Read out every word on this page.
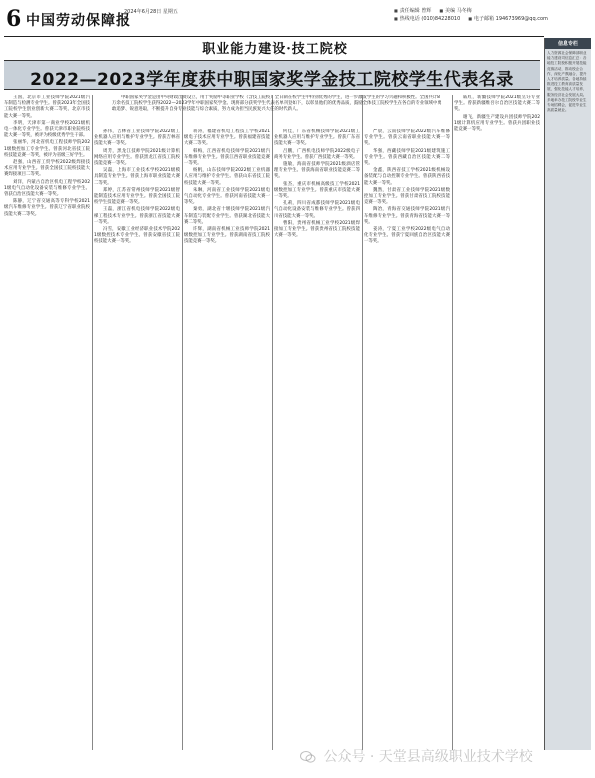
6 中国劳动保障报
2024年6月28日 星期五	■ 责任编辑 曾辉	■ 美编 马冬梅
■ 热线电话 (010)84228010	■ 电子邮箱 194673969@qq.com
职业能力建设·技工院校
2022—2023学年度获中职国家奖学金技工院校学生代表名录

王国，北京市工业技师学院2021级汽车制造与检测专业学生。曾获2023年全国技工院校学生创业创新大赛二等奖、北京市技能大赛一等奖。

李明，天津市第一商业学校2021级机电一体化专业学生。曾获天津市职业院校技能大赛一等奖，被评为校级优秀学生干部。

张丽华，河北省机电工程技师学院2021级数控加工专业学生。曾获河北省技工院校技能竞赛一等奖，被评为省级三好学生。

赵强，山西省工贸学校2022级焊接技术应用专业学生。曾获全国技工院校技能大赛焊接项目二等奖。

刘洋，内蒙古自治区机电工程学校2021级电气自动化设备安装与维修专业学生。曾获自治区技能大赛一等奖。

陈静，辽宁省交通高等专科学校2021级汽车维修专业学生。曾获辽宁省职业院校技能大赛二等奖。

孙伟，吉林省工业技师学院2022级工业机器人应用与维护专业学生。曾获吉林省技能大赛一等奖。

周芳，黑龙江技师学院2021级计算机网络应用专业学生。曾获黑龙江省技工院校技能竞赛一等奖。

吴磊，上海市工业技术学校2021级模具制造专业学生。曾获上海市职业技能大赛二等奖。

郑婷，江苏省常州技师学院2021级智能制造技术应用专业学生。曾获全国技工院校学生技能竞赛一等奖。

王磊，浙江省机电技师学院2022级电梯工程技术专业学生。曾获浙江省技能大赛一等奖。

冯雪，安徽工业经济职业技术学院2021级数控技术专业学生。曾获安徽省技工院校技能大赛一等奖。

蒋涛，福建省机电工程技工学校2021级电子技术应用专业学生。曾获福建省技能大赛二等奖。

韩梅，江西省机电技师学院2021级汽车维修专业学生。曾获江西省职业技能竞赛一等奖。

杨帆，山东技师学院2022级工业机器人应用与维护专业学生。曾获山东省技工院校技能大赛一等奖。

朱琳，河南省工业技师学院2021级电气自动化专业学生。曾获河南省技能大赛一等奖。

秦勇，湖北省十堰技师学院2021级汽车制造与装配专业学生。曾获湖北省技能大赛二等奖。

许辉，湖南省机械工业技师学院2021级数控加工专业学生。曾获湖南省技工院校技能竞赛一等奖。

何佳，广东省机械技师学院2021级工业机器人应用与维护专业学生。曾获广东省技能大赛一等奖。

吕鹏，广西机电技师学院2022级电子商务专业学生。曾获广西技能大赛一等奖。

施敏，海南省技师学院2021级酒店管理专业学生。曾获海南省职业技能竞赛二等奖。

张杰，重庆市机械高级技工学校2021级数控加工专业学生。曾获重庆市技能大赛一等奖。

孔莉，四川省成都技师学院2021级电气自动化设备安装与维修专业学生。曾获四川省技能大赛一等奖。

曹阳，贵州省机械工业学校2021级焊接加工专业学生。曾获贵州省技工院校技能大赛一等奖。

严晨，云南技师学院2022级汽车维修专业学生。曾获云南省职业技能大赛一等奖。

华强，西藏技师学院2021级建筑施工专业学生。曾获西藏自治区技能大赛二等奖。

金鑫，陕西省技工学校2021级机械设备装配与自动控制专业学生。曾获陕西省技能大赛一等奖。

魏然，甘肃省工业技师学院2021级数控加工专业学生。曾获甘肃省技工院校技能竞赛一等奖。

陶冶，青海省交通技师学院2021级汽车维修专业学生。曾获青海省技能大赛一等奖。

姜涛，宁夏工业学校2022级电气自动化专业学生。曾获宁夏回族自治区技能大赛一等奖。

戚红，新疆技师学院2021级烹饪专业学生。曾获新疆维吾尔自治区技能大赛二等奖。

谢飞，新疆生产建设兵团技师学院2021级计算机应用专业学生。曾获兵团职业技能竞赛一等奖。

中职国家奖学金是由中央财政出资设立，用于奖励中等职业学校（含技工院校）全日制在校学生中特别优秀的学生，进一步激发学生的学习兴趣和积极性。全国共计8万余名技工院校学生获得2022—2023学年中职国家奖学金。现将部分获奖学生代表名单刊登如下，以彰显他们的优秀品质，鼓励全体技工院校学生在各自的专业领域中勇敢追梦、锐意进取，不断提升自身专业技能与综合素质，努力成为担当民族复兴大任的时代新人。
信息专栏
人力资源社会保障部职业能力建设司信息汇总：各地技工院校积极开展技能竞赛活动，推动校企合作，深化产教融合，提升人才培养质量。各地持续推进技工教育高质量发展，强化技能人才培养，服务经济社会发展大局。多地举办技工院校毕业生专场招聘会，促进毕业生高质量就业。
公众号 · 天堂县高级职业技术学校
